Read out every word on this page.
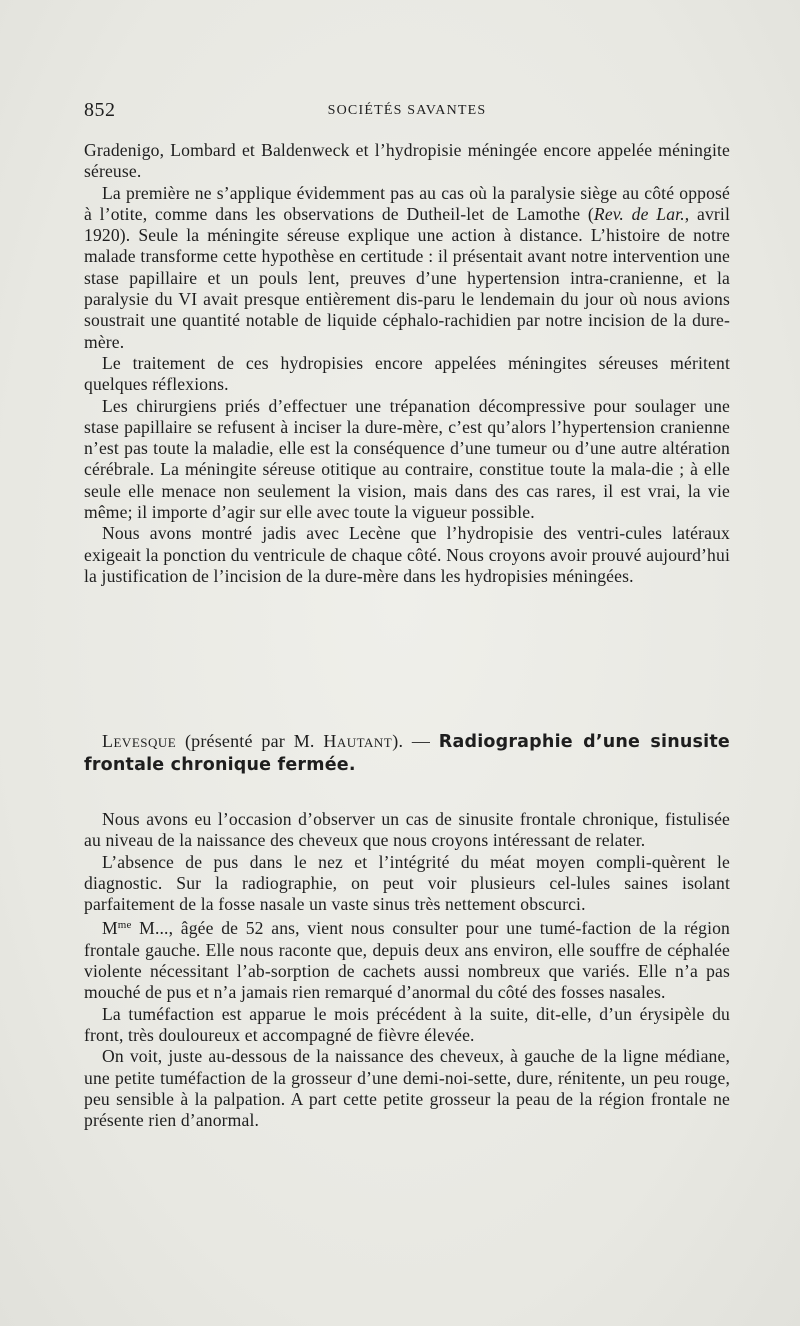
852	SOCIÉTÉS SAVANTES

Gradenigo, Lombard et Baldenweck et l’hydropisie méningée encore appelée méningite séreuse.

La première ne s’applique évidemment pas au cas où la paralysie siège au côté opposé à l’otite, comme dans les observations de Dutheil-let de Lamothe (Rev. de Lar., avril 1920). Seule la méningite séreuse explique une action à distance. L’histoire de notre malade transforme cette hypothèse en certitude : il présentait avant notre intervention une stase papillaire et un pouls lent, preuves d’une hypertension intra-cranienne, et la paralysie du VI avait presque entièrement dis-paru le lendemain du jour où nous avions soustrait une quantité notable de liquide céphalo-rachidien par notre incision de la dure-mère.

Le traitement de ces hydropisies encore appelées méningites séreuses méritent quelques réflexions.

Les chirurgiens priés d’effectuer une trépanation décompressive pour soulager une stase papillaire se refusent à inciser la dure-mère, c’est qu’alors l’hypertension cranienne n’est pas toute la maladie, elle est la conséquence d’une tumeur ou d’une autre altération cérébrale. La méningite séreuse otitique au contraire, constitue toute la mala-die ; à elle seule elle menace non seulement la vision, mais dans des cas rares, il est vrai, la vie même; il importe d’agir sur elle avec toute la vigueur possible.

Nous avons montré jadis avec Lecène que l’hydropisie des ventri-cules latéraux exigeait la ponction du ventricule de chaque côté. Nous croyons avoir prouvé aujourd’hui la justification de l’incision de la dure-mère dans les hydropisies méningées.

Levesque (présenté par M. Hautant). — Radiographie d’une sinusite frontale chronique fermée.

Nous avons eu l’occasion d’observer un cas de sinusite frontale chronique, fistulisée au niveau de la naissance des cheveux que nous croyons intéressant de relater.

L’absence de pus dans le nez et l’intégrité du méat moyen compli-quèrent le diagnostic. Sur la radiographie, on peut voir plusieurs cel-lules saines isolant parfaitement de la fosse nasale un vaste sinus très nettement obscurci.

$M^{me}$ M..., âgée de 52 ans, vient nous consulter pour une tumé-faction de la région frontale gauche. Elle nous raconte que, depuis deux ans environ, elle souffre de céphalée violente nécessitant l’ab-sorption de cachets aussi nombreux que variés. Elle n’a pas mouché de pus et n’a jamais rien remarqué d’anormal du côté des fosses nasales.

La tuméfaction est apparue le mois précédent à la suite, dit-elle, d’un érysipèle du front, très douloureux et accompagné de fièvre élevée.

On voit, juste au-dessous de la naissance des cheveux, à gauche de la ligne médiane, une petite tuméfaction de la grosseur d’une demi-noi-sette, dure, rénitente, un peu rouge, peu sensible à la palpation. A part cette petite grosseur la peau de la région frontale ne présente rien d’anormal.
